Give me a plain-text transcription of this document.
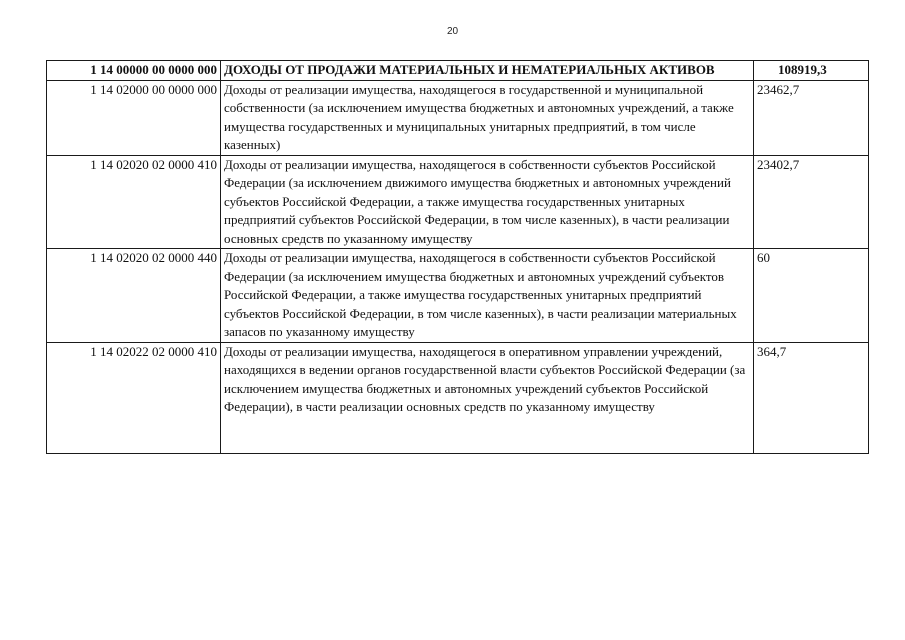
20
1 14 00000 00 0000 000	ДОХОДЫ ОТ ПРОДАЖИ МАТЕРИАЛЬНЫХ И НЕМАТЕРИАЛЬНЫХ АКТИВОВ	108919,3
1 14 02000 00 0000 000	Доходы от реализации имущества, находящегося в государственной и муниципальной собственности (за исключением имущества бюджетных и автономных учреждений, а также имущества государственных и муниципальных унитарных предприятий, в том числе казенных)	23462,7
1 14 02020 02 0000 410	Доходы от реализации имущества, находящегося в собственности субъектов Российской Федерации (за исключением движимого имущества бюджетных и автономных учреждений субъектов Российской Федерации, а также имущества государственных унитарных предприятий субъектов Российской Федерации, в том числе казенных), в части реализации основных средств по указанному имуществу	23402,7
1 14 02020 02 0000 440	Доходы от реализации имущества, находящегося в собственности субъектов Российской Федерации (за исключением имущества бюджетных и автономных учреждений субъектов Российской Федерации, а также имущества государственных унитарных предприятий субъектов Российской Федерации, в том числе казенных), в части реализации материальных запасов по указанному имуществу	60
1 14 02022 02 0000 410	Доходы от реализации имущества, находящегося в оперативном управлении учреждений, находящихся в ведении органов государственной власти субъектов Российской Федерации (за исключением имущества бюджетных и автономных учреждений субъектов Российской Федерации), в части реализации основных средств по указанному имуществу	364,7
